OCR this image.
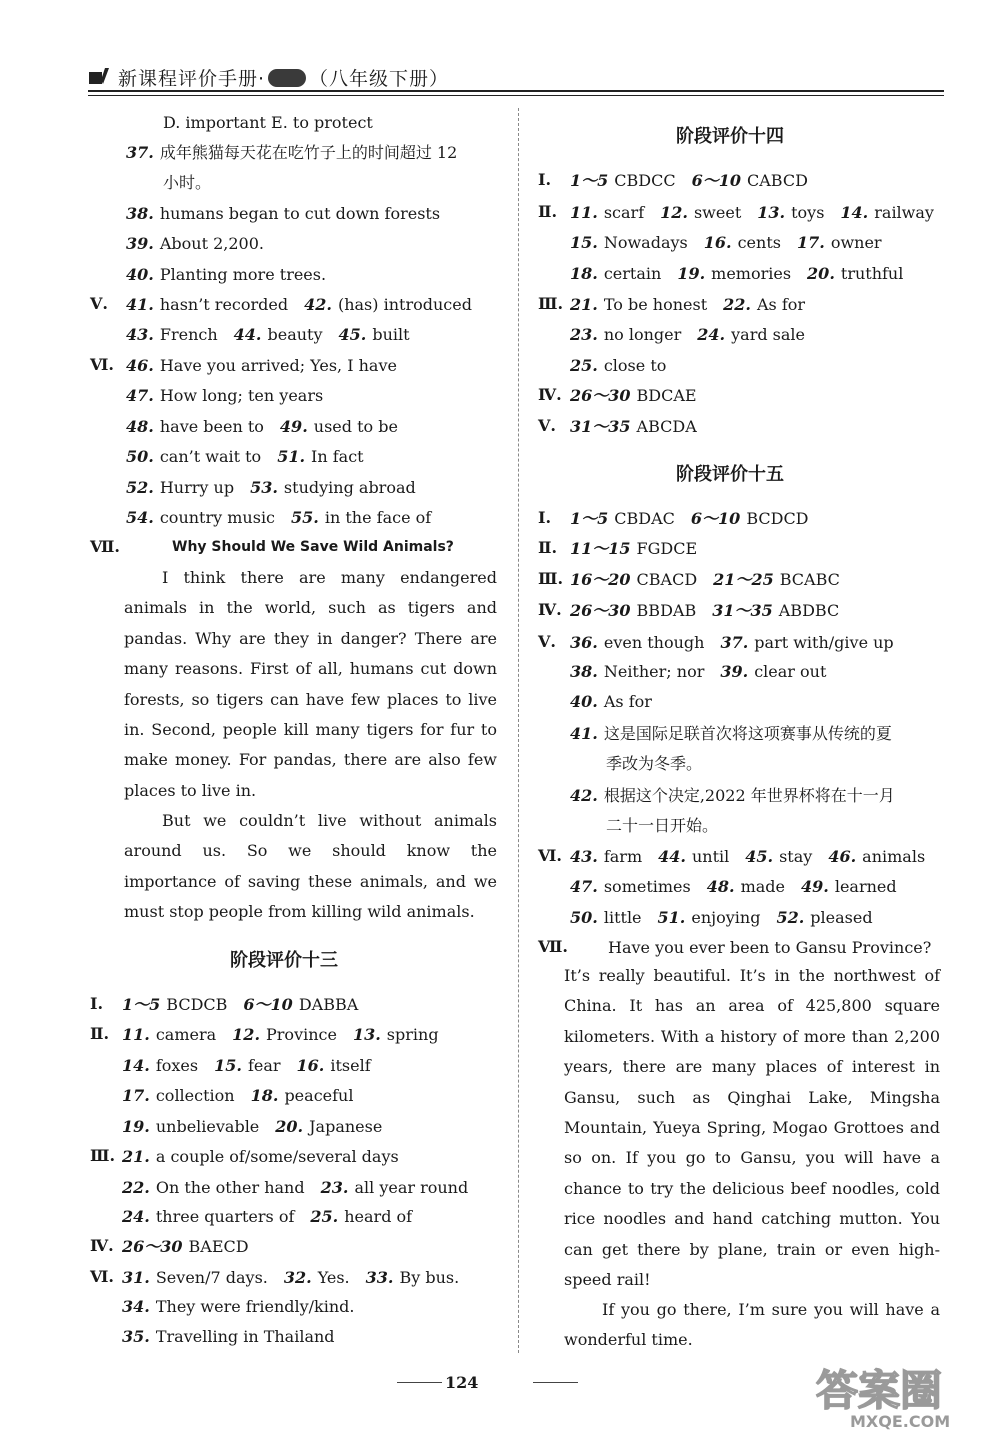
新课程评价手册· （八年级下册）
D. important E. to protect
37. 成年熊猫每天花在吃竹子上的时间超过 12
小时。
38. humans began to cut down forests
39. About 2,200.
40. Planting more trees.
Ⅴ. 41. hasn’t recorded 42. (has) introduced
43. French 44. beauty 45. built
Ⅵ. 46. Have you arrived; Yes, I have
47. How long; ten years
48. have been to 49. used to be
50. can’t wait to 51. In fact
52. Hurry up 53. studying abroad
54. country music 55. in the face of
Ⅶ.	Why Should We Save Wild Animals?
I think there are many endangered animals in the world, such as tigers and pandas. Why are they in danger? There are many reasons. First of all, humans cut down forests, so tigers can have few places to live in. Second, people kill many tigers for fur to make money. For pandas, there are also few places to live in.
But we couldn’t live without animals around us. So we should know the importance of saving these animals, and we must stop people from killing wild animals.
阶段评价十三
Ⅰ. 1～5 BCDCB 6～10 DABBA
Ⅱ. 11. camera 12. Province 13. spring
14. foxes 15. fear 16. itself
17. collection 18. peaceful
19. unbelievable 20. Japanese
Ⅲ. 21. a couple of/some/several days
22. On the other hand 23. all year round
24. three quarters of 25. heard of
Ⅳ. 26～30 BAECD
Ⅵ. 31. Seven/7 days. 32. Yes. 33. By bus.
34. They were friendly/kind.
35. Travelling in Thailand
阶段评价十四
Ⅰ. 1～5 CBDCC 6～10 CABCD
Ⅱ. 11. scarf 12. sweet 13. toys 14. railway
15. Nowadays 16. cents 17. owner
18. certain 19. memories 20. truthful
Ⅲ. 21. To be honest 22. As for
23. no longer 24. yard sale
25. close to
Ⅳ. 26～30 BDCAE
Ⅴ. 31～35 ABCDA
阶段评价十五
Ⅰ. 1～5 CBDAC 6～10 BCDCD
Ⅱ. 11～15 FGDCE
Ⅲ. 16～20 CBACD 21～25 BCABC
Ⅳ. 26～30 BBDAB 31～35 ABDBC
Ⅴ. 36. even though 37. part with/give up
38. Neither; nor 39. clear out
40. As for
41. 这是国际足联首次将这项赛事从传统的夏
季改为冬季。
42. 根据这个决定,2022 年世界杯将在十一月
二十一日开始。
Ⅵ. 43. farm 44. until 45. stay 46. animals
47. sometimes 48. made 49. learned
50. little 51. enjoying 52. pleased
Ⅶ.	Have you ever been to Gansu Province?
It’s really beautiful. It’s in the northwest of China. It has an area of 425,800 square kilometers. With a history of more than 2,200 years, there are many places of interest in Gansu, such as Qinghai Lake, Mingsha Mountain, Yueya Spring, Mogao Grottoes and so on. If you go to Gansu, you will have a chance to try the delicious beef noodles, cold rice noodles and hand catching mutton. You can get there by plane, train or even high-speed rail!
If you go there, I’m sure you will have a wonderful time.
124	答案圈
MXQE.COM
